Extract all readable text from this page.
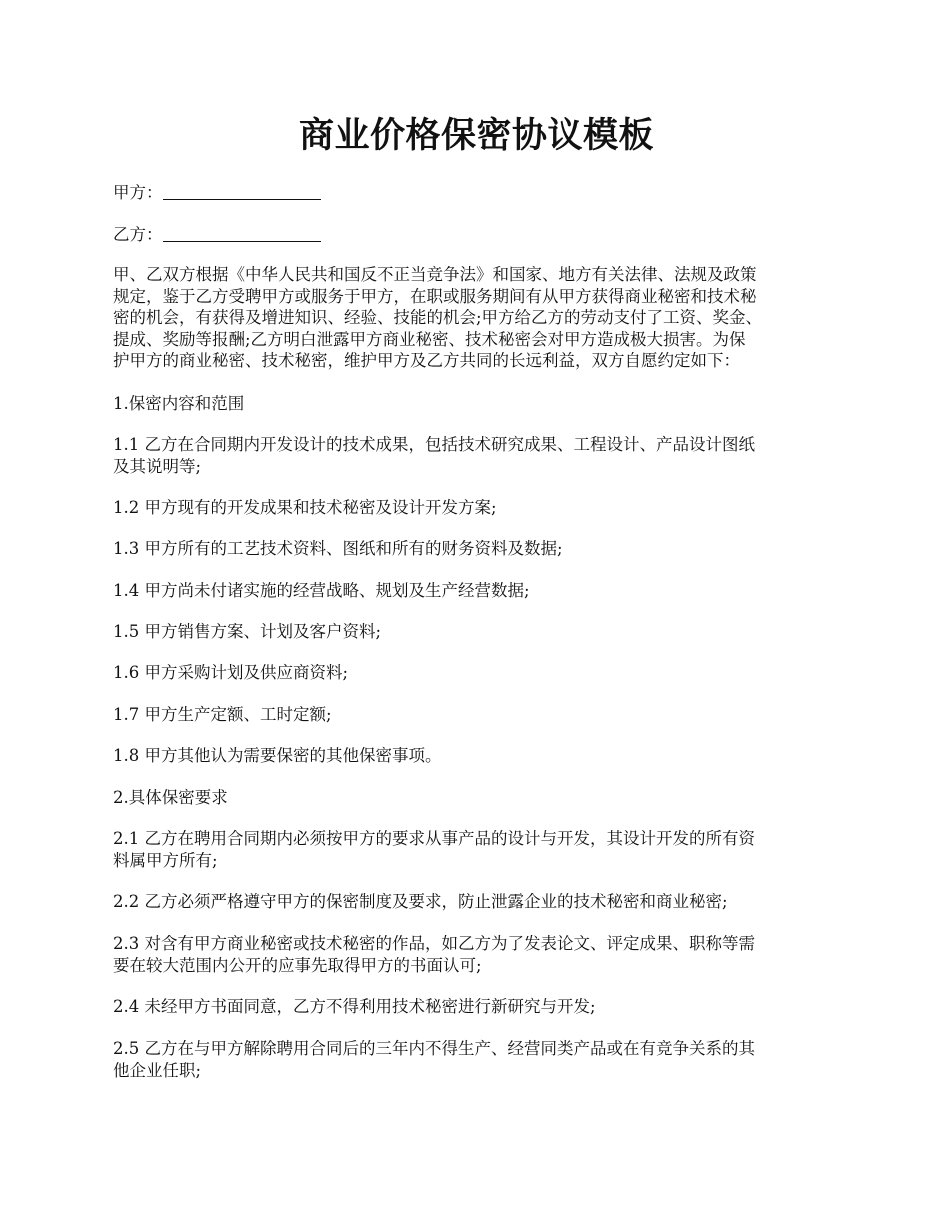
商业价格保密协议模板

甲方：

乙方：

甲、乙双方根据《中华人民共和国反不正当竞争法》和国家、地方有关法律、法规及政策
规定，鉴于乙方受聘甲方或服务于甲方，在职或服务期间有从甲方获得商业秘密和技术秘
密的机会，有获得及增进知识、经验、技能的机会;甲方给乙方的劳动支付了工资、奖金、
提成、奖励等报酬;乙方明白泄露甲方商业秘密、技术秘密会对甲方造成极大损害。为保
护甲方的商业秘密、技术秘密，维护甲方及乙方共同的长远利益，双方自愿约定如下：

1.保密内容和范围

1.1 乙方在合同期内开发设计的技术成果，包括技术研究成果、工程设计、产品设计图纸
及其说明等;

1.2 甲方现有的开发成果和技术秘密及设计开发方案;

1.3 甲方所有的工艺技术资料、图纸和所有的财务资料及数据;

1.4 甲方尚未付诸实施的经营战略、规划及生产经营数据;

1.5 甲方销售方案、计划及客户资料;

1.6 甲方采购计划及供应商资料;

1.7 甲方生产定额、工时定额;

1.8 甲方其他认为需要保密的其他保密事项。

2.具体保密要求

2.1 乙方在聘用合同期内必须按甲方的要求从事产品的设计与开发，其设计开发的所有资
料属甲方所有;

2.2 乙方必须严格遵守甲方的保密制度及要求，防止泄露企业的技术秘密和商业秘密;

2.3 对含有甲方商业秘密或技术秘密的作品，如乙方为了发表论文、评定成果、职称等需
要在较大范围内公开的应事先取得甲方的书面认可;

2.4 未经甲方书面同意，乙方不得利用技术秘密进行新研究与开发;

2.5 乙方在与甲方解除聘用合同后的三年内不得生产、经营同类产品或在有竞争关系的其
他企业任职;
